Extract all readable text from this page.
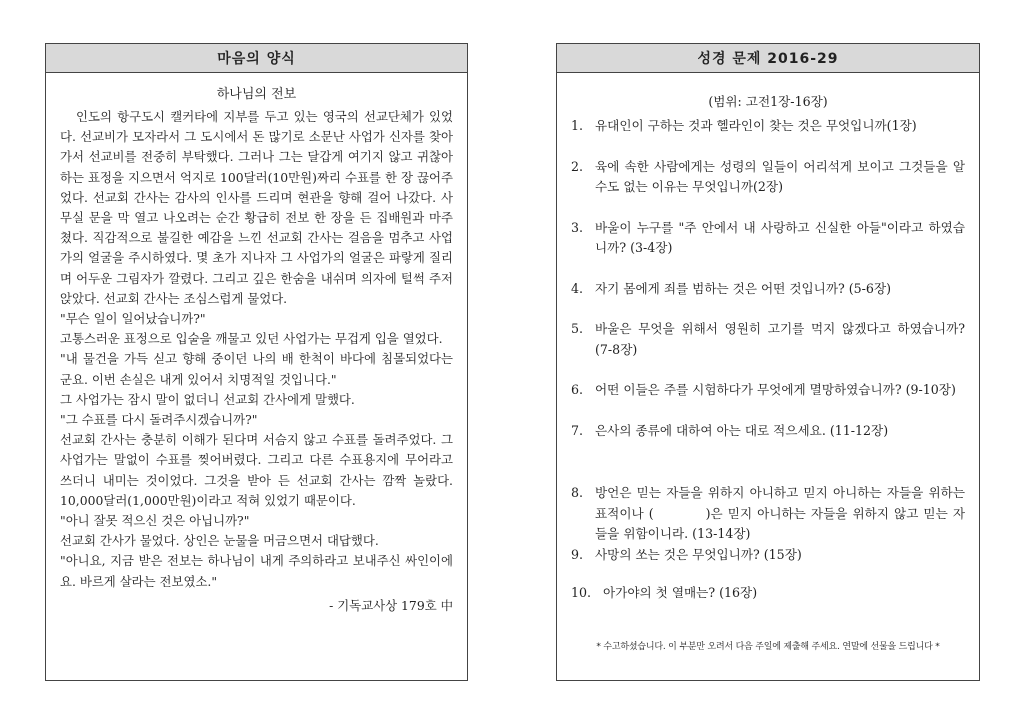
마음의 양식
하나님의 전보

인도의 항구도시 캘커타에 지부를 두고 있는 영국의 선교단체가 있었다. 선교비가 모자라서 그 도시에서 돈 많기로 소문난 사업가 신자를 찾아가서 선교비를 전중히 부탁했다. 그러나 그는 달갑게 여기지 않고 귀찮아하는 표정을 지으면서 억지로 100달러(10만원)짜리 수표를 한 장 끊어주었다. 선교회 간사는 감사의 인사를 드리며 현관을 향해 걸어 나갔다. 사무실 문을 막 열고 나오려는 순간 황급히 전보 한 장을 든 집배원과 마주쳤다. 직감적으로 불길한 예감을 느낀 선교회 간사는 걸음을 멈추고 사업가의 얼굴을 주시하였다. 몇 초가 지나자 그 사업가의 얼굴은 파랗게 질리며 어두운 그림자가 깔렸다. 그리고 깊은 한숨을 내쉬며 의자에 털썩 주저앉았다. 선교회 간사는 조심스럽게 물었다.

"무슨 일이 일어났습니까?"

고통스러운 표정으로 입술을 깨물고 있던 사업가는 무겁게 입을 열었다.

"내 물건을 가득 싣고 향해 중이던 나의 배 한척이 바다에 침몰되었다는 군요. 이번 손실은 내게 있어서 치명적일 것입니다."

그 사업가는 잠시 말이 없더니 선교회 간사에게 말했다.

"그 수표를 다시 돌려주시겠습니까?"

선교회 간사는 충분히 이해가 된다며 서슴지 않고 수표를 돌려주었다. 그 사업가는 말없이 수표를 찢어버렸다. 그리고 다른 수표용지에 무어라고 쓰더니 내미는 것이었다. 그것을 받아 든 선교회 간사는 깜짝 놀랐다. 10,000달러(1,000만원)이라고 적혀 있었기 때문이다.

"아니 잘못 적으신 것은 아닙니까?"

선교회 간사가 물었다. 상인은 눈물을 머금으면서 대답했다.

"아니요, 지금 받은 전보는 하나님이 내게 주의하라고 보내주신 싸인이에요. 바르게 살라는 전보였소."

- 기독교사상 179호 中
성경 문제 2016-29
(범위: 고전1장-16장)
1. 유대인이 구하는 것과 헬라인이 찾는 것은 무엇입니까(1장)
2. 육에 속한 사람에게는 성령의 일들이 어리석게 보이고 그것들을 알 수도 없는 이유는 무엇입니까(2장)
3. 바울이 누구를 "주 안에서 내 사랑하고 신실한 아들"이라고 하였습니까? (3-4장)
4. 자기 몸에게 죄를 범하는 것은 어떤 것입니까? (5-6장)
5. 바울은 무엇을 위해서 영원히 고기를 먹지 않겠다고 하였습니까? (7-8장)
6. 어떤 이들은 주를 시험하다가 무엇에게 멸망하였습니까? (9-10장)
7. 은사의 종류에 대하여 아는 대로 적으세요. (11-12장)
8. 방언은 믿는 자들을 위하지 아니하고 믿지 아니하는 자들을 위하는 표적이나 (	)은 믿지 아니하는 자들을 위하지 않고 믿는 자들을 위함이니라. (13-14장)
9. 사망의 쏘는 것은 무엇입니까? (15장)
10. 아가야의 첫 열매는? (16장)
* 수고하셨습니다. 이 부분만 오려서 다음 주일에 제출해 주세요. 연말에 선물을 드립니다 *
